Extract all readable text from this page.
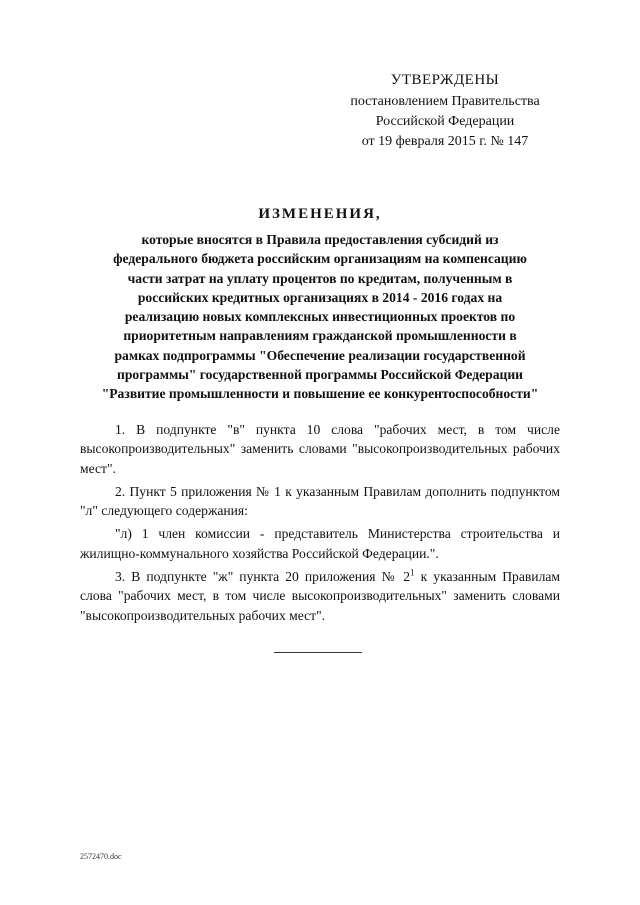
УТВЕРЖДЕНЫ
постановлением Правительства
Российской Федерации
от 19 февраля 2015 г. № 147
ИЗМЕНЕНИЯ,
которые вносятся в Правила предоставления субсидий из
федерального бюджета российским организациям на компенсацию
части затрат на уплату процентов по кредитам, полученным в
российских кредитных организациях в 2014 - 2016 годах на
реализацию новых комплексных инвестиционных проектов по
приоритетным направлениям гражданской промышленности в
рамках подпрограммы "Обеспечение реализации государственной
программы" государственной программы Российской Федерации
"Развитие промышленности и повышение ее конкурентоспособности"

1. В подпункте "в" пункта 10 слова "рабочих мест, в том числе высокопроизводительных" заменить словами "высокопроизводительных рабочих мест".

2. Пункт 5 приложения № 1 к указанным Правилам дополнить подпунктом "л" следующего содержания:

"л) 1 член комиссии - представитель Министерства строительства и жилищно-коммунального хозяйства Российской Федерации.".

3. В подпункте "ж" пункта 20 приложения № $2^1$ к указанным Правилам слова "рабочих мест, в том числе высокопроизводительных" заменить словами "высокопроизводительных рабочих мест".

2572470.doc
